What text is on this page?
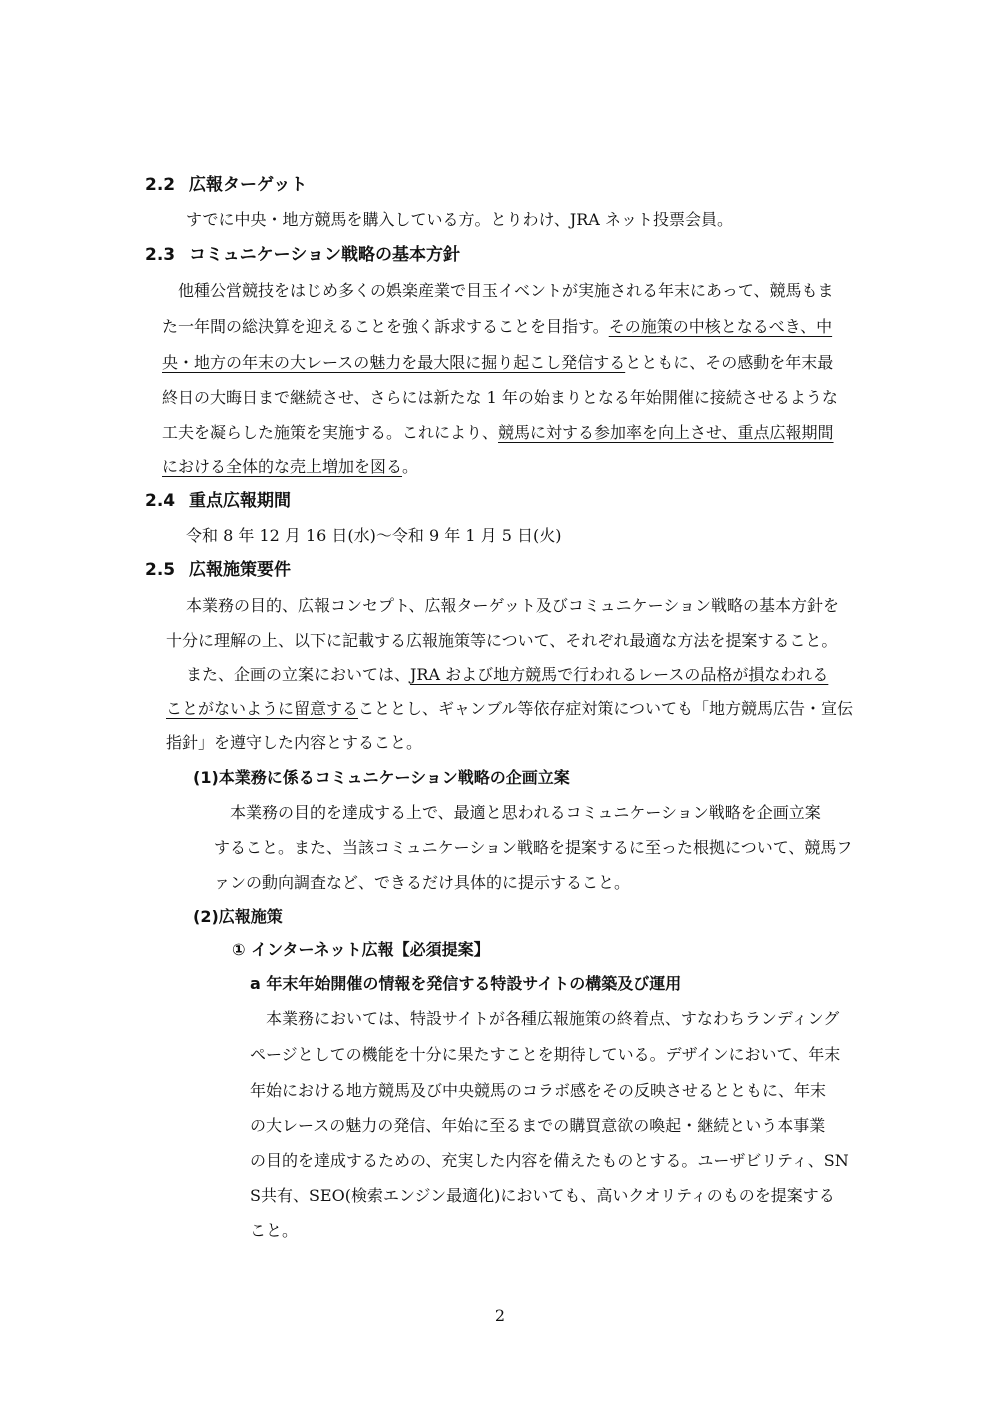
2.2 広報ターゲット
すでに中央・地方競馬を購入している方。とりわけ、JRA ネット投票会員。
2.3 コミュニケーション戦略の基本方針
他種公営競技をはじめ多くの娯楽産業で目玉イベントが実施される年末にあって、競馬もま
た一年間の総決算を迎えることを強く訴求することを目指す。その施策の中核となるべき、中
央・地方の年末の大レースの魅力を最大限に掘り起こし発信するとともに、その感動を年末最
終日の大晦日まで継続させ、さらには新たな 1 年の始まりとなる年始開催に接続させるような
工夫を凝らした施策を実施する。これにより、競馬に対する参加率を向上させ、重点広報期間
における全体的な売上増加を図る。
2.4 重点広報期間
令和 8 年 12 月 16 日(水)～令和 9 年 1 月 5 日(火)
2.5 広報施策要件
本業務の目的、広報コンセプト、広報ターゲット及びコミュニケーション戦略の基本方針を
十分に理解の上、以下に記載する広報施策等について、それぞれ最適な方法を提案すること。
また、企画の立案においては、JRA および地方競馬で行われるレースの品格が損なわれる
ことがないように留意することとし、ギャンブル等依存症対策についても「地方競馬広告・宣伝
指針」を遵守した内容とすること。
(1)本業務に係るコミュニケーション戦略の企画立案
本業務の目的を達成する上で、最適と思われるコミュニケーション戦略を企画立案
すること。また、当該コミュニケーション戦略を提案するに至った根拠について、競馬フ
ァンの動向調査など、できるだけ具体的に提示すること。
(2)広報施策
① インターネット広報【必須提案】
a 年末年始開催の情報を発信する特設サイトの構築及び運用
本業務においては、特設サイトが各種広報施策の終着点、すなわちランディング
ページとしての機能を十分に果たすことを期待している。デザインにおいて、年末
年始における地方競馬及び中央競馬のコラボ感をその反映させるとともに、年末
の大レースの魅力の発信、年始に至るまでの購買意欲の喚起・継続という本事業
の目的を達成するための、充実した内容を備えたものとする。ユーザビリティ、SN
S共有、SEO(検索エンジン最適化)においても、高いクオリティのものを提案する
こと。
2
